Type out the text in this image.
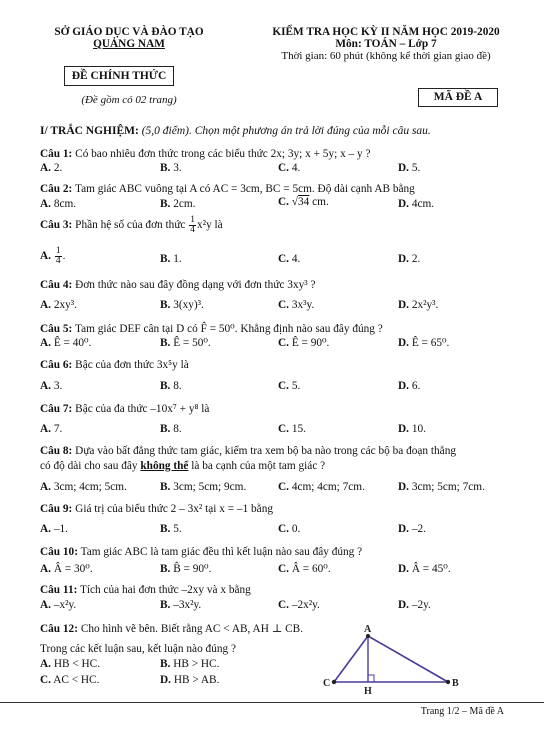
SỞ GIÁO DỤC VÀ ĐÀO TẠO
QUẢNG NAM
ĐỀ CHÍNH THỨC
(Đề gồm có 02 trang)
KIỂM TRA HỌC KỲ II NĂM HỌC 2019-2020
Môn: TOÁN – Lớp 7
Thời gian: 60 phút (không kể thời gian giao đề)
MÃ ĐỀ A
I/ TRẮC NGHIỆM: (5,0 điểm). Chọn một phương án trả lời đúng của mỗi câu sau.
Câu 1: Có bao nhiêu đơn thức trong các biểu thức 2x; 3y; x + 5y; x – y ?
A. 2.	B. 3.	C. 4.	D. 5.
Câu 2: Tam giác ABC vuông tại A có AC = 3cm, BC = 5cm. Độ dài cạnh AB bằng
A. 8cm.	B. 2cm.	C. √34 cm.	D. 4cm.
Câu 3: Phần hệ số của đơn thức $\frac{1}{4} x^2y$ là
A. $\frac{1}{4}$ .	B. 1.	C. 4.	D. 2.
Câu 4: Đơn thức nào sau đây đồng dạng với đơn thức 3xy³ ?
A. 2xy³.	B. 3(xy)³.	C. 3x³y.	D. 2x²y³.
Câu 5: Tam giác DEF cân tại D có F̂ = 50⁰. Khẳng định nào sau đây đúng ?
A. Ê = 40⁰.	B. Ê = 50⁰.	C. Ê = 90⁰.	D. Ê = 65⁰.
Câu 6: Bậc của đơn thức 3x⁵y là
A. 3.	B. 8.	C. 5.	D. 6.
Câu 7: Bậc của đa thức –10x⁷ + y⁸ là
A. 7.	B. 8.	C. 15.	D. 10.
Câu 8: Dựa vào bất đẳng thức tam giác, kiểm tra xem bộ ba nào trong các bộ ba đoạn thẳng
có độ dài cho sau đây không thể là ba cạnh của một tam giác ?
A. 3cm; 4cm; 5cm.	B. 3cm; 5cm; 9cm.	C. 4cm; 4cm; 7cm.	D. 3cm; 5cm; 7cm.
Câu 9: Giá trị của biểu thức 2 – 3x² tại x = –1 bằng
A. –1.	B. 5.	C. 0.	D. –2.
Câu 10: Tam giác ABC là tam giác đều thì kết luận nào sau đây đúng ?
A. Â = 30⁰.	B. B̂ = 90⁰.	C. Â = 60⁰.	D. Â = 45⁰.
Câu 11: Tích của hai đơn thức –2xy và x bằng
A. –x²y.	B. –3x²y.	C. –2x²y.	D. –2y.
Câu 12: Cho hình vẽ bên. Biết rằng AC < AB, AH ⊥ CB.
Trong các kết luận sau, kết luận nào đúng ?
A. HB < HC.	B. HB > HC.
C. AC < HC.	D. HB > AB.
A
B
C
H
Trang 1/2 – Mã đề A
